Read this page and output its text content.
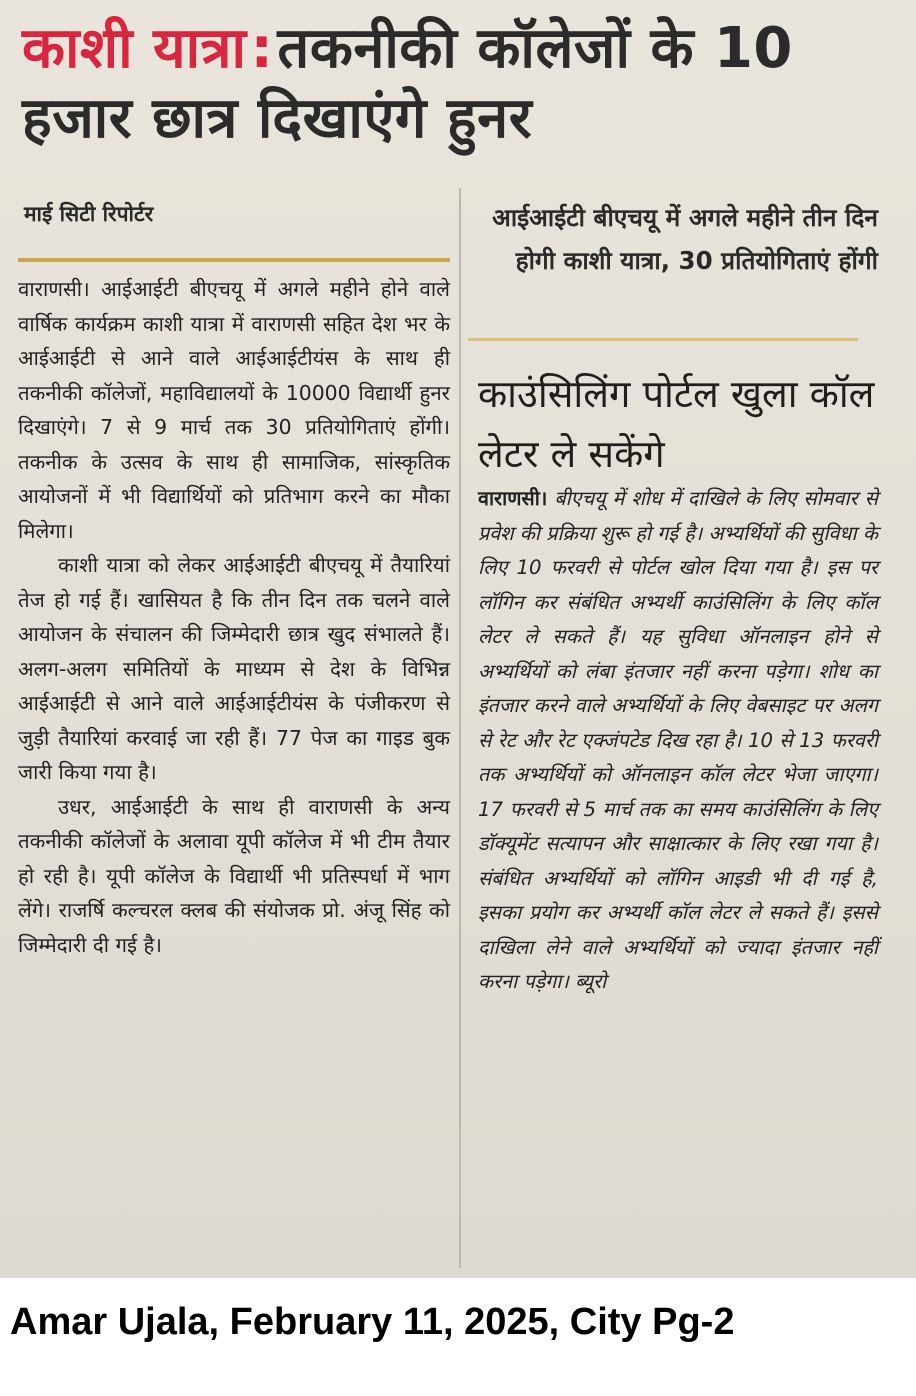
काशी यात्रा:तकनीकी कॉलेजों के 10 हजार छात्र दिखाएंगे हुनर
माई सिटी रिपोर्टर

वाराणसी। आईआईटी बीएचयू में अगले महीने होने वाले वार्षिक कार्यक्रम काशी यात्रा में वाराणसी सहित देश भर के आईआईटी से आने वाले आईआईटीयंस के साथ ही तकनीकी कॉलेजों, महाविद्यालयों के 10000 विद्यार्थी हुनर दिखाएंगे। 7 से 9 मार्च तक 30 प्रतियोगिताएं होंगी। तकनीक के उत्सव के साथ ही सामाजिक, सांस्कृतिक आयोजनों में भी विद्यार्थियों को प्रतिभाग करने का मौका मिलेगा।

काशी यात्रा को लेकर आईआईटी बीएचयू में तैयारियां तेज हो गई हैं। खासियत है कि तीन दिन तक चलने वाले आयोजन के संचालन की जिम्मेदारी छात्र खुद संभालते हैं। अलग-अलग समितियों के माध्यम से देश के विभिन्न आईआईटी से आने वाले आईआईटीयंस के पंजीकरण से जुड़ी तैयारियां करवाई जा रही हैं। 77 पेज का गाइड बुक जारी किया गया है।

उधर, आईआईटी के साथ ही वाराणसी के अन्य तकनीकी कॉलेजों के अलावा यूपी कॉलेज में भी टीम तैयार हो रही है। यूपी कॉलेज के विद्यार्थी भी प्रतिस्पर्धा में भाग लेंगे। राजर्षि कल्चरल क्लब की संयोजक प्रो. अंजू सिंह को जिम्मेदारी दी गई है।

आईआईटी बीएचयू में अगले महीने तीन दिन होगी काशी यात्रा, 30 प्रतियोगिताएं होंगी
काउंसिलिंग पोर्टल खुला कॉल लेटर ले सकेंगे

वाराणसी। बीएचयू में शोध में दाखिले के लिए सोमवार से प्रवेश की प्रक्रिया शुरू हो गई है। अभ्यर्थियों की सुविधा के लिए 10 फरवरी से पोर्टल खोल दिया गया है। इस पर लॉगिन कर संबंधित अभ्यर्थी काउंसिलिंग के लिए कॉल लेटर ले सकते हैं। यह सुविधा ऑनलाइन होने से अभ्यर्थियों को लंबा इंतजार नहीं करना पड़ेगा। शोध का इंतजार करने वाले अभ्यर्थियों के लिए वेबसाइट पर अलग से रेट और रेट एक्जंपटेड दिख रहा है। 10 से 13 फरवरी तक अभ्यर्थियों को ऑनलाइन कॉल लेटर भेजा जाएगा। 17 फरवरी से 5 मार्च तक का समय काउंसिलिंग के लिए डॉक्यूमेंट सत्यापन और साक्षात्कार के लिए रखा गया है। संबंधित अभ्यर्थियों को लॉगिन आइडी भी दी गई है, इसका प्रयोग कर अभ्यर्थी कॉल लेटर ले सकते हैं। इससे दाखिला लेने वाले अभ्यर्थियों को ज्यादा इंतजार नहीं करना पड़ेगा। ब्यूरो

Amar Ujala, February 11, 2025, City Pg-2
